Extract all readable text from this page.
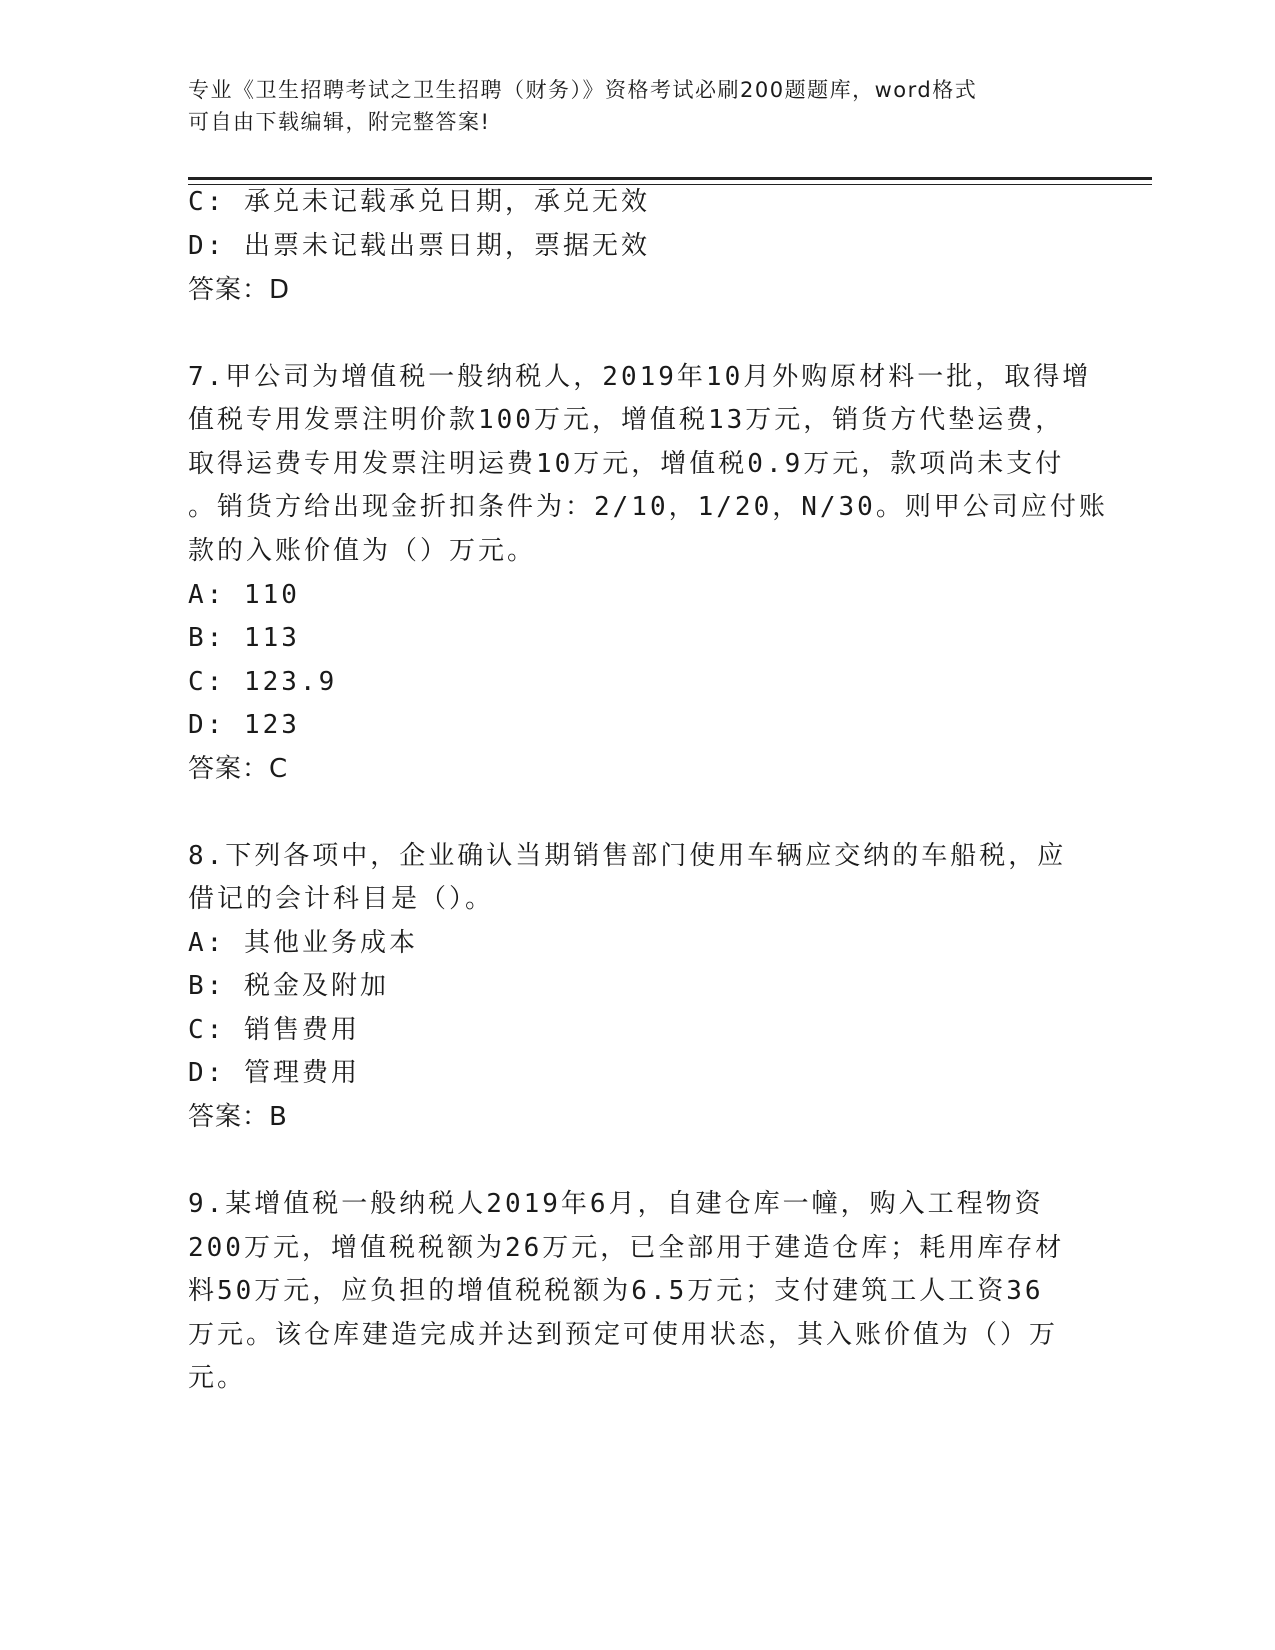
专业《卫生招聘考试之卫生招聘（财务）》资格考试必刷200题题库，word格式
可自由下载编辑，附完整答案!
C: 承兑未记载承兑日期，承兑无效
D: 出票未记载出票日期，票据无效
答案：D
7.甲公司为增值税一般纳税人，2019年10月外购原材料一批，取得增
值税专用发票注明价款100万元，增值税13万元，销货方代垫运费，
取得运费专用发票注明运费10万元，增值税0.9万元，款项尚未支付
。销货方给出现金折扣条件为：2/10，1/20，N/30。则甲公司应付账
款的入账价值为（）万元。
A: 110
B: 113
C: 123.9
D: 123
答案：C
8.下列各项中，企业确认当期销售部门使用车辆应交纳的车船税，应
借记的会计科目是（）。
A: 其他业务成本
B: 税金及附加
C: 销售费用
D: 管理费用
答案：B
9.某增值税一般纳税人2019年6月，自建仓库一幢，购入工程物资
200万元，增值税税额为26万元，已全部用于建造仓库；耗用库存材
料50万元，应负担的增值税税额为6.5万元；支付建筑工人工资36
万元。该仓库建造完成并达到预定可使用状态，其入账价值为（）万
元。
